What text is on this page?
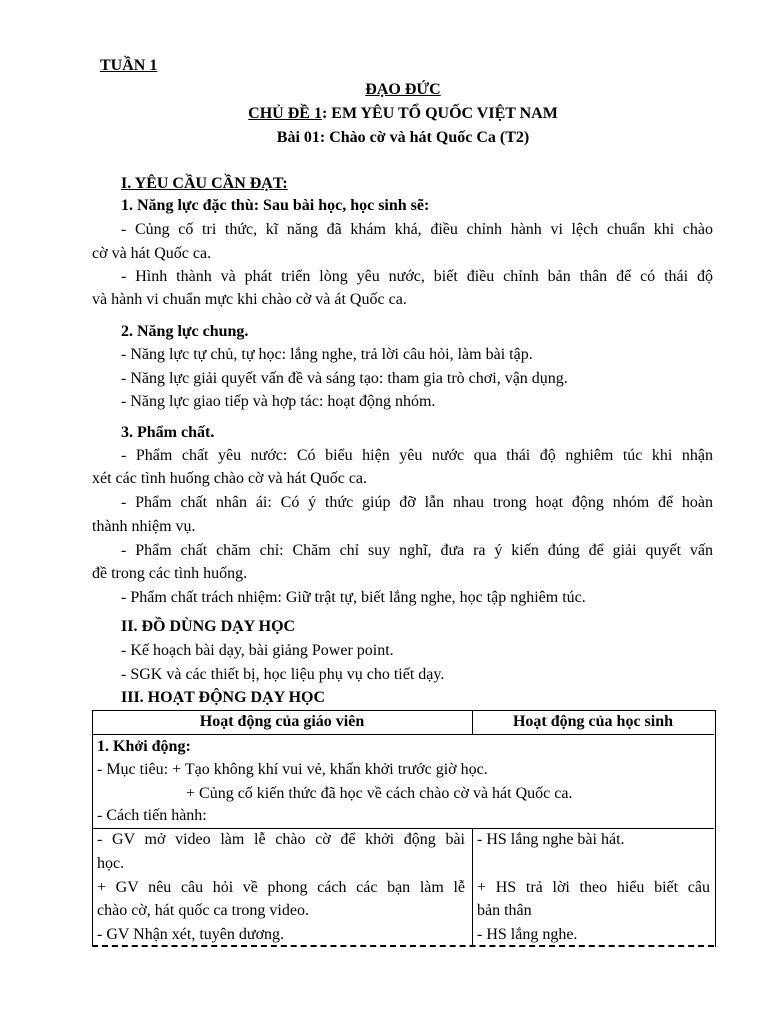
TUẦN 1
ĐẠO ĐỨC
CHỦ ĐỀ 1: EM YÊU TỔ QUỐC VIỆT NAM
Bài 01: Chào cờ và hát Quốc Ca (T2)
I. YÊU CẦU CẦN ĐẠT:
1. Năng lực đặc thù: Sau bài học, học sinh sẽ:
- Củng cố tri thức, kĩ năng đã khám khá, điều chỉnh hành vi lệch chuẩn khi chào
cờ và hát Quốc ca.
- Hình thành và phát triển lòng yêu nước, biết điều chỉnh bản thân để có thái độ
và hành vi chuẩn mực khi chào cờ và át Quốc ca.
2. Năng lực chung.
- Năng lực tự chủ, tự học: lắng nghe, trả lời câu hỏi, làm bài tập.
- Năng lực giải quyết vấn đề và sáng tạo: tham gia trò chơi, vận dụng.
- Năng lực giao tiếp và hợp tác: hoạt động nhóm.
3. Phẩm chất.
- Phẩm chất yêu nước: Có biểu hiện yêu nước qua thái độ nghiêm túc khi nhận
xét các tình huống chào cờ và hát Quốc ca.
- Phẩm chất nhân ái: Có ý thức giúp đỡ lẫn nhau trong hoạt động nhóm để hoàn
thành nhiệm vụ.
- Phẩm chất chăm chỉ: Chăm chỉ suy nghĩ, đưa ra ý kiến đúng để giải quyết vấn
đề trong các tình huống.
- Phẩm chất trách nhiệm: Giữ trật tự, biết lắng nghe, học tập nghiêm túc.
II. ĐỒ DÙNG DẠY HỌC
- Kế hoạch bài dạy, bài giảng Power point.
- SGK và các thiết bị, học liệu phụ vụ cho tiết dạy.
III. HOẠT ĐỘNG DẠY HỌC
Hoạt động của giáo viên	Hoạt động của học sinh
1. Khởi động:
- Mục tiêu: + Tạo không khí vui vẻ, khấn khởi trước giờ học.
+ Củng cố kiến thức đã học về cách chào cờ và hát Quốc ca.
- Cách tiến hành:
- GV mở video làm lễ chào cờ để khởi động bài
học.
+ GV nêu câu hỏi về phong cách các bạn làm lễ
chào cờ, hát quốc ca trong video.
- GV Nhận xét, tuyên dương.
- HS lắng nghe bài hát.
+ HS trả lời theo hiểu biết câu
bản thân
- HS lắng nghe.
